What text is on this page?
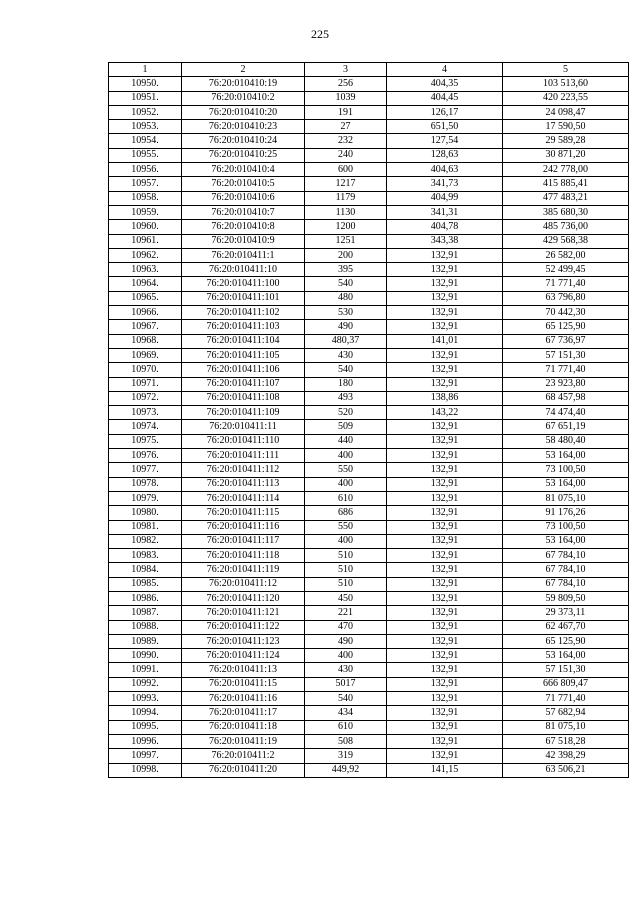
225
1	2	3	4	5
10950.	76:20:010410:19	256	404,35	103 513,60
10951.	76:20:010410:2	1039	404,45	420 223,55
10952.	76:20:010410:20	191	126,17	24 098,47
10953.	76:20:010410:23	27	651,50	17 590,50
10954.	76:20:010410:24	232	127,54	29 589,28
10955.	76:20:010410:25	240	128,63	30 871,20
10956.	76:20:010410:4	600	404,63	242 778,00
10957.	76:20:010410:5	1217	341,73	415 885,41
10958.	76:20:010410:6	1179	404,99	477 483,21
10959.	76:20:010410:7	1130	341,31	385 680,30
10960.	76:20:010410:8	1200	404,78	485 736,00
10961.	76:20:010410:9	1251	343,38	429 568,38
10962.	76:20:010411:1	200	132,91	26 582,00
10963.	76:20:010411:10	395	132,91	52 499,45
10964.	76:20:010411:100	540	132,91	71 771,40
10965.	76:20:010411:101	480	132,91	63 796,80
10966.	76:20:010411:102	530	132,91	70 442,30
10967.	76:20:010411:103	490	132,91	65 125,90
10968.	76:20:010411:104	480,37	141,01	67 736,97
10969.	76:20:010411:105	430	132,91	57 151,30
10970.	76:20:010411:106	540	132,91	71 771,40
10971.	76:20:010411:107	180	132,91	23 923,80
10972.	76:20:010411:108	493	138,86	68 457,98
10973.	76:20:010411:109	520	143,22	74 474,40
10974.	76:20:010411:11	509	132,91	67 651,19
10975.	76:20:010411:110	440	132,91	58 480,40
10976.	76:20:010411:111	400	132,91	53 164,00
10977.	76:20:010411:112	550	132,91	73 100,50
10978.	76:20:010411:113	400	132,91	53 164,00
10979.	76:20:010411:114	610	132,91	81 075,10
10980.	76:20:010411:115	686	132,91	91 176,26
10981.	76:20:010411:116	550	132,91	73 100,50
10982.	76:20:010411:117	400	132,91	53 164,00
10983.	76:20:010411:118	510	132,91	67 784,10
10984.	76:20:010411:119	510	132,91	67 784,10
10985.	76:20:010411:12	510	132,91	67 784,10
10986.	76:20:010411:120	450	132,91	59 809,50
10987.	76:20:010411:121	221	132,91	29 373,11
10988.	76:20:010411:122	470	132,91	62 467,70
10989.	76:20:010411:123	490	132,91	65 125,90
10990.	76:20:010411:124	400	132,91	53 164,00
10991.	76:20:010411:13	430	132,91	57 151,30
10992.	76:20:010411:15	5017	132,91	666 809,47
10993.	76:20:010411:16	540	132,91	71 771,40
10994.	76:20:010411:17	434	132,91	57 682,94
10995.	76:20:010411:18	610	132,91	81 075,10
10996.	76:20:010411:19	508	132,91	67 518,28
10997.	76:20:010411:2	319	132,91	42 398,29
10998.	76:20:010411:20	449,92	141,15	63 506,21
